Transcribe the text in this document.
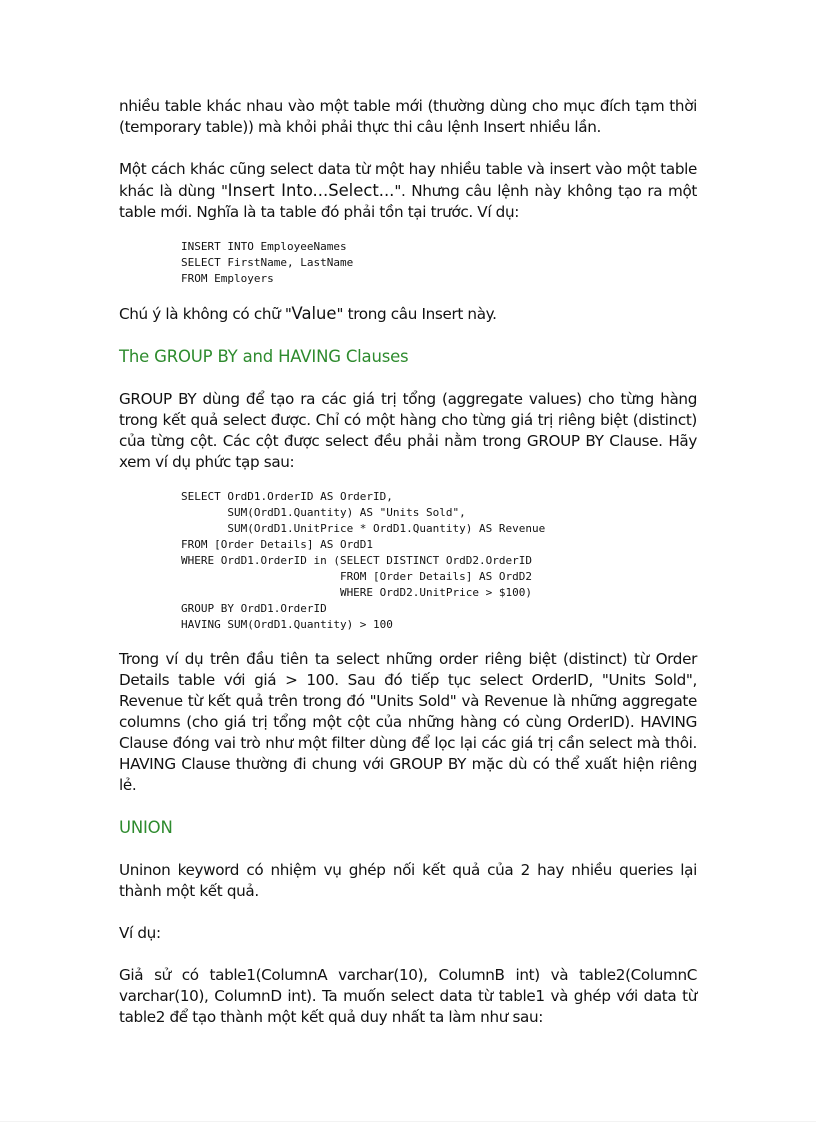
nhiều table khác nhau vào một table mới (thường dùng cho mục đích tạm thời (temporary table)) mà khỏi phải thực thi câu lệnh Insert nhiều lần.

Một cách khác cũng select data từ một hay nhiều table và insert vào một table khác là dùng "Insert Into...Select...". Nhưng câu lệnh này không tạo ra một table mới. Nghĩa là ta table đó phải tồn tại trước. Ví dụ:

INSERT INTO EmployeeNames
SELECT FirstName, LastName
FROM Employers

Chú ý là không có chữ "Value" trong câu Insert này.

The GROUP BY and HAVING Clauses

GROUP BY dùng để tạo ra các giá trị tổng (aggregate values) cho từng hàng trong kết quả select được. Chỉ có một hàng cho từng giá trị riêng biệt (distinct) của từng cột. Các cột được select đều phải nằm trong GROUP BY Clause. Hãy xem ví dụ phức tạp sau:

SELECT OrdD1.OrderID AS OrderID,
SUM(OrdD1.Quantity) AS "Units Sold",
SUM(OrdD1.UnitPrice * OrdD1.Quantity) AS Revenue
FROM [Order Details] AS OrdD1
WHERE OrdD1.OrderID in (SELECT DISTINCT OrdD2.OrderID
FROM [Order Details] AS OrdD2
WHERE OrdD2.UnitPrice > $100)
GROUP BY OrdD1.OrderID
HAVING SUM(OrdD1.Quantity) > 100

Trong ví dụ trên đầu tiên ta select những order riêng biệt (distinct) từ Order Details table với giá > 100. Sau đó tiếp tục select OrderID, "Units Sold", Revenue từ kết quả trên trong đó "Units Sold" và Revenue là những aggregate columns (cho giá trị tổng một cột của những hàng có cùng OrderID). HAVING Clause đóng vai trò như một filter dùng để lọc lại các giá trị cần select mà thôi. HAVING Clause thường đi chung với GROUP BY mặc dù có thể xuất hiện riêng lẻ.

UNION

Uninon keyword có nhiệm vụ ghép nối kết quả của 2 hay nhiều queries lại thành một kết quả.

Ví dụ:

Giả sử có table1(ColumnA varchar(10), ColumnB int) và table2(ColumnC varchar(10), ColumnD int). Ta muốn select data từ table1 và ghép với data từ table2 để tạo thành một kết quả duy nhất ta làm như sau:
